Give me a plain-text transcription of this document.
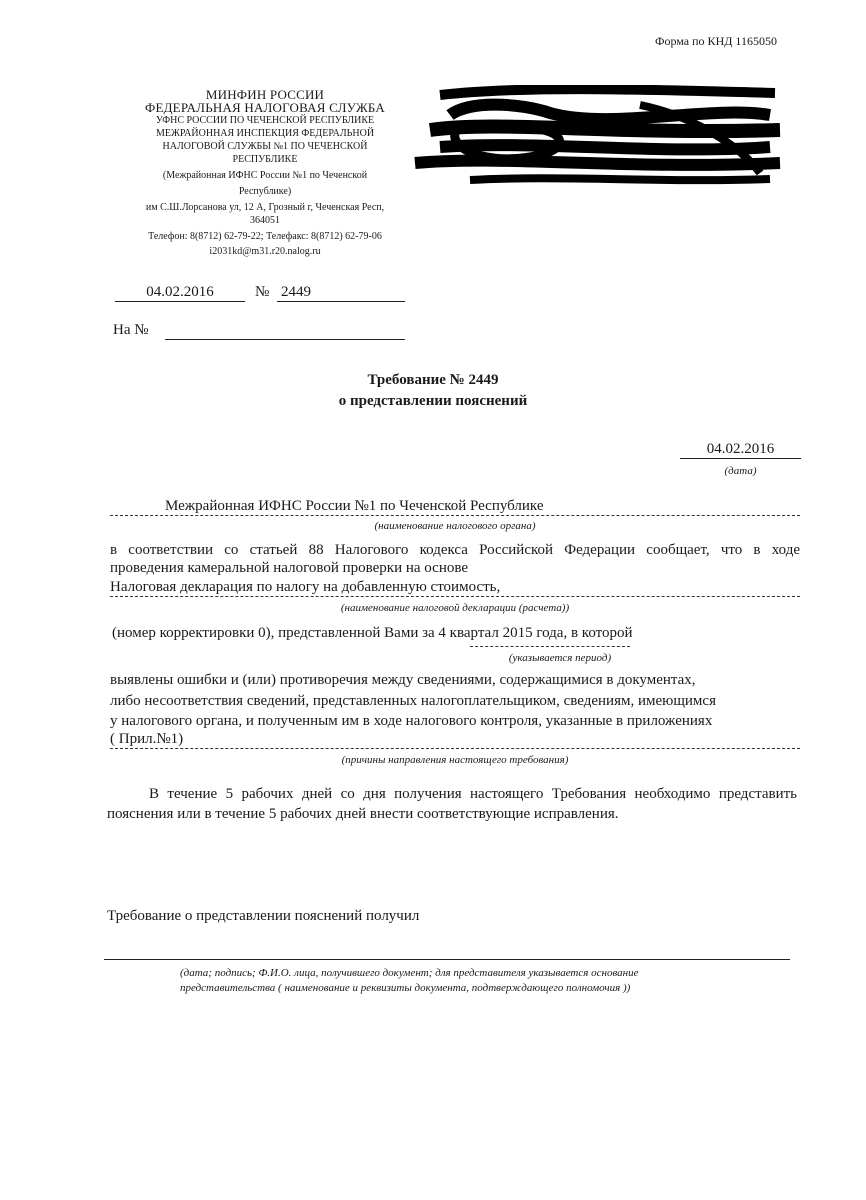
Форма по КНД 1165050
МИНФИН РОССИИ
ФЕДЕРАЛЬНАЯ НАЛОГОВАЯ СЛУЖБА
УФНС РОССИИ ПО ЧЕЧЕНСКОЙ РЕСПУБЛИКЕ
МЕЖРАЙОННАЯ ИНСПЕКЦИЯ ФЕДЕРАЛЬНОЙ
НАЛОГОВОЙ СЛУЖБЫ №1 ПО ЧЕЧЕНСКОЙ
РЕСПУБЛИКЕ
(Межрайонная ИФНС России №1 по Чеченской
Республике)
им С.Ш.Лорсанова ул, 12 А, Грозный г, Чеченская Респ,
364051
Телефон: 8(8712) 62-79-22; Телефакс: 8(8712) 62-79-06
i2031kd@m31.r20.nalog.ru
04.02.2016	№ 2449
На №
Требование № 2449
о представлении пояснений
04.02.2016
(дата)
Межрайонная ИФНС России №1 по Чеченской Республике
(наименование налогового органа)
в соответствии со статьей 88 Налогового кодекса Российской Федерации сообщает, что в ходе
проведения камеральной налоговой проверки на основе
Налоговая декларация по налогу на добавленную стоимость,
(наименование налоговой декларации (расчета))
(номер корректировки 0), представленной Вами за 4 квартал 2015 года, в которой
(указывается период)
выявлены ошибки и (или) противоречия между сведениями, содержащимися в документах,
либо несоответствия сведений, представленных налогоплательщиком, сведениям, имеющимся
у налогового органа, и полученным им в ходе налогового контроля, указанные в приложениях
( Прил.№1)
(причины направления настоящего требования)
В течение 5 рабочих дней со дня получения настоящего Требования необходимо представить пояснения или в течение 5 рабочих дней внести соответствующие исправления.
Требование о представлении пояснений получил
(дата; подпись; Ф.И.О. лица, получившего документ; для представителя указывается основание
представительства ( наименование и реквизиты документа, подтверждающего полномочия ))
